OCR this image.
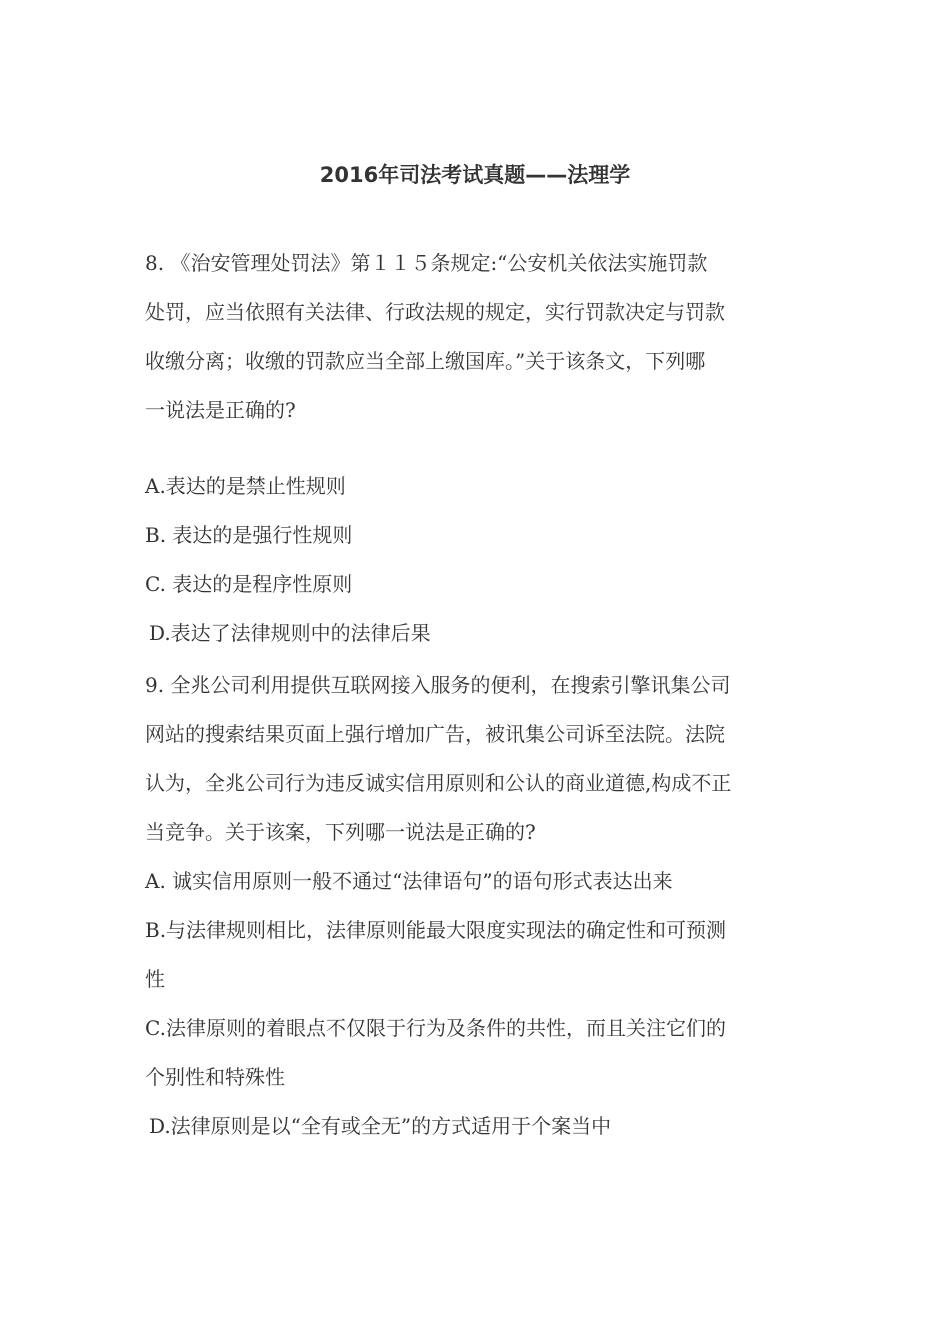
2016年司法考试真题——法理学
8. 《治安管理处罚法》第１１５条规定:“公安机关依法实施罚款
处罚，应当依照有关法律、行政法规的规定，实行罚款决定与罚款
收缴分离；收缴的罚款应当全部上缴国库。”关于该条文，下列哪
一说法是正确的?
A.表达的是禁止性规则
B. 表达的是强行性规则
C. 表达的是程序性原则
D.表达了法律规则中的法律后果
9. 全兆公司利用提供互联网接入服务的便利，在搜索引擎讯集公司
网站的搜索结果页面上强行增加广告，被讯集公司诉至法院。法院
认为，全兆公司行为违反诚实信用原则和公认的商业道德,构成不正
当竞争。关于该案，下列哪一说法是正确的?
A. 诚实信用原则一般不通过“法律语句”的语句形式表达出来
B.与法律规则相比，法律原则能最大限度实现法的确定性和可预测
性
C.法律原则的着眼点不仅限于行为及条件的共性，而且关注它们的
个别性和特殊性
D.法律原则是以“全有或全无”的方式适用于个案当中
